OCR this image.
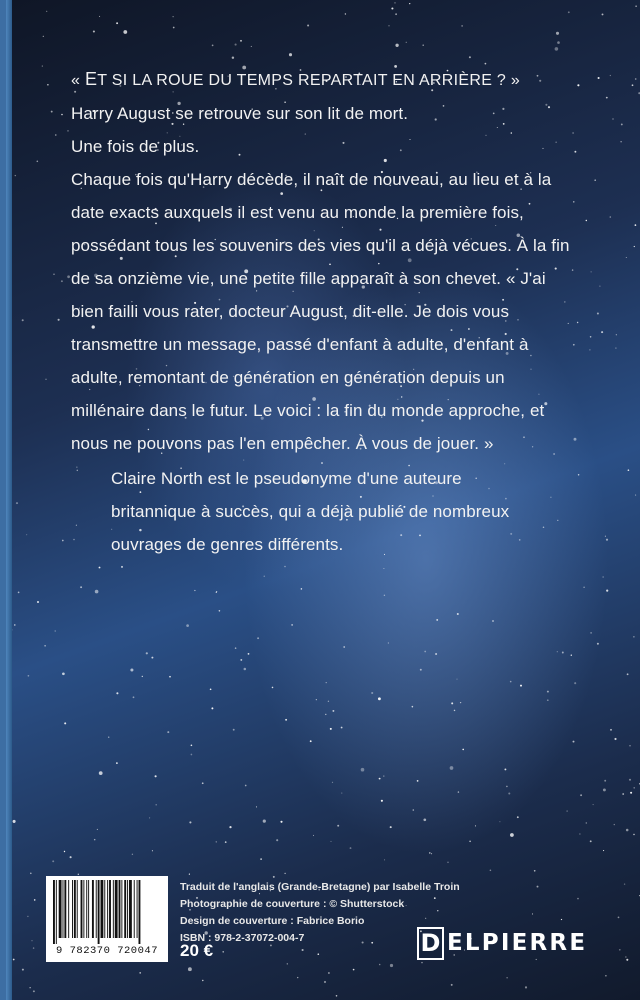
« ET SI LA ROUE DU TEMPS REPARTAIT EN ARRIÈRE ? »

Harry August se retrouve sur son lit de mort.

Une fois de plus.

Chaque fois qu'Harry décède, il naît de nouveau, au lieu et à la date exacts auxquels il est venu au monde la première fois, possédant tous les souvenirs des vies qu'il a déjà vécues. À la fin de sa onzième vie, une petite fille apparaît à son chevet. « J'ai bien failli vous rater, docteur August, dit-elle. Je dois vous transmettre un message, passé d'enfant à adulte, d'enfant à adulte, remontant de génération en génération depuis un millénaire dans le futur. Le voici : la fin du monde approche, et nous ne pouvons pas l'en empêcher. À vous de jouer. »

Claire North est le pseudonyme d'une auteure britannique à succès, qui a déjà publié de nombreux ouvrages de genres différents.

9 782370 720047
Traduit de l'anglais (Grande-Bretagne) par Isabelle Troin
Photographie de couverture : © Shutterstock
Design de couverture : Fabrice Borio
ISBN : 978-2-37072-004-7
20 €	D ELPIERRE
